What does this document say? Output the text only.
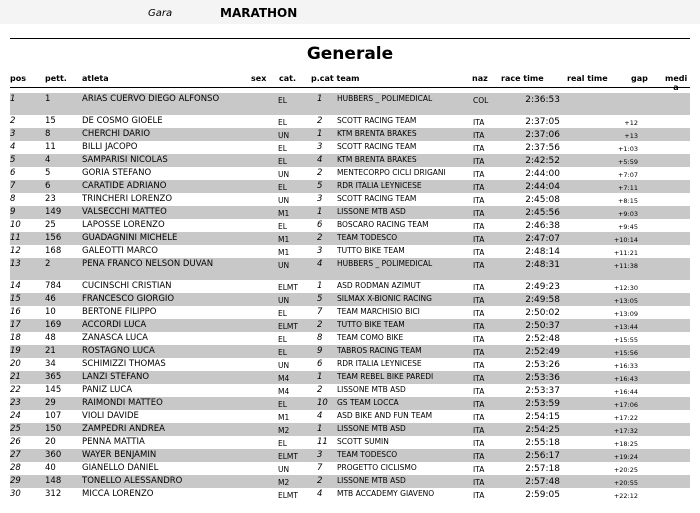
Gara	MARATHON
Generale
pos pett. atleta	sex cat. p.cat team	naz race time	real time	gap medi a
1	1	ARIAS CUERVO DIEGO ALFONSO	EL	1 HUBBERS _ POLIMEDICAL	COL	2:36:53
2	15	DE COSMO GIOELE	EL	2 SCOTT RACING TEAM	ITA	2:37:05	+12
3	8	CHERCHI DARIO	UN	1 KTM BRENTA BRAKES	ITA	2:37:06	+13
4	11	BILLI JACOPO	EL	3 SCOTT RACING TEAM	ITA	2:37:56	+1:03
5	4	SAMPARISI NICOLAS	EL	4 KTM BRENTA BRAKES	ITA	2:42:52	+5:59
6	5	GORIA STEFANO	UN	2 MENTECORPO CICLI DRIGANI	ITA	2:44:00	+7:07
7	6	CARATIDE ADRIANO	EL	5 RDR ITALIA LEYNICESE	ITA	2:44:04	+7:11
8	23	TRINCHERI LORENZO	UN	3 SCOTT RACING TEAM	ITA	2:45:08	+8:15
9	149 VALSECCHI MATTEO	M1	1 LISSONE MTB ASD	ITA	2:45:56	+9:03
10	25	LAPOSSE LORENZO	EL	6 BOSCARO RACING TEAM	ITA	2:46:38	+9:45
11	156 GUADAGNINI MICHELE	M1	2 TEAM TODESCO	ITA	2:47:07	+10:14
12	168 GALEOTTI MARCO	M1	3 TUTTO BIKE TEAM	ITA	2:48:14	+11:21
13	2	PENA FRANCO NELSON DUVAN	UN	4 HUBBERS _ POLIMEDICAL	ITA	2:48:31	+11:38
14	784 CUCINSCHI CRISTIAN	ELMT 1 ASD RODMAN AZIMUT	ITA	2:49:23	+12:30
15	46	FRANCESCO GIORGIO	UN	5 SILMAX X-BIONIC RACING	ITA	2:49:58	+13:05
16	10	BERTONE FILIPPO	EL	7 TEAM MARCHISIO BICI	ITA	2:50:02	+13:09
17	169 ACCORDI LUCA	ELMT 2 TUTTO BIKE TEAM	ITA	2:50:37	+13:44
18	48	ZANASCA LUCA	EL	8 TEAM COMO BIKE	ITA	2:52:48	+15:55
19	21	ROSTAGNO LUCA	EL	9 TABROS RACING TEAM	ITA	2:52:49	+15:56
20	34	SCHIMIZZI THOMAS	UN	6 RDR ITALIA LEYNICESE	ITA	2:53:26	+16:33
21	365 LANZI STEFANO	M4	1 TEAM REBEL BIKE PAREDI	ITA	2:53:36	+16:43
22	145 PANIZ LUCA	M4	2 LISSONE MTB ASD	ITA	2:53:37	+16:44
23	29	RAIMONDI MATTEO	EL	10 GS TEAM LOCCA	ITA	2:53:59	+17:06
24	107 VIOLI DAVIDE	M1	4 ASD BIKE AND FUN TEAM	ITA	2:54:15	+17:22
25	150 ZAMPEDRI ANDREA	M2	1 LISSONE MTB ASD	ITA	2:54:25	+17:32
26	20	PENNA MATTIA	EL	11 SCOTT SUMIN	ITA	2:55:18	+18:25
27	360 WAYER BENJAMIN	ELMT 3 TEAM TODESCO	ITA	2:56:17	+19:24
28	40	GIANELLO DANIEL	UN	7 PROGETTO CICLISMO	ITA	2:57:18	+20:25
29	148 TONELLO ALESSANDRO	M2	2 LISSONE MTB ASD	ITA	2:57:48	+20:55
30	312 MICCA LORENZO	ELMT 4 MTB ACCADEMY GIAVENO	ITA	2:59:05	+22:12
